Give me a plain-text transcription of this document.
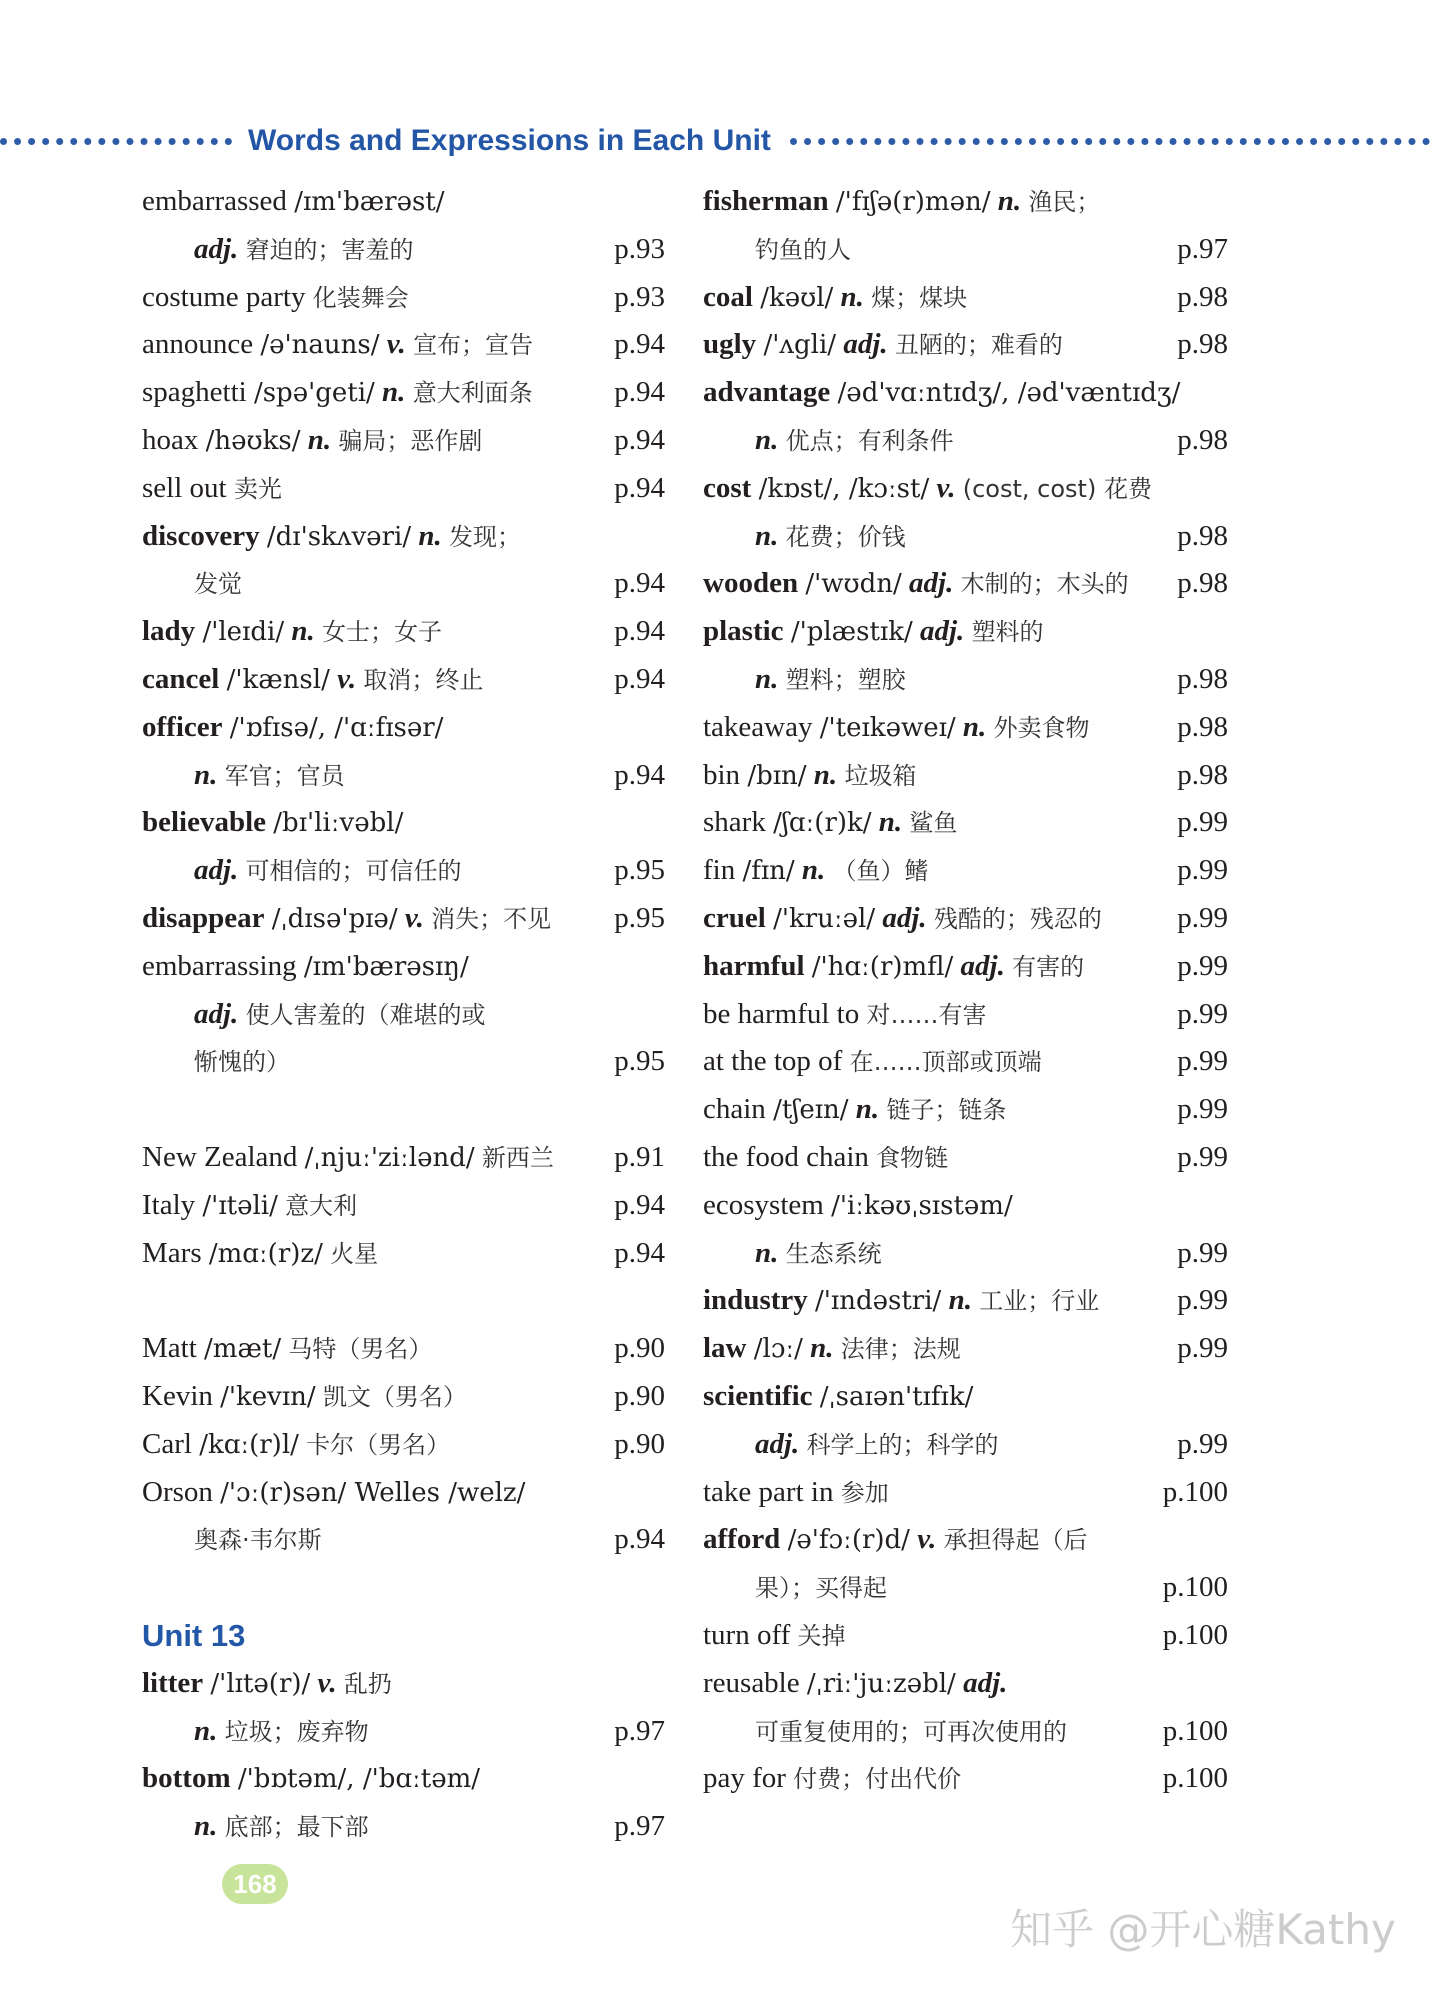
Words and Expressions in Each Unit
embarrassed /ɪm'bærəst/
adj. 窘迫的；害羞的	p.93
costume party 化装舞会	p.93
announce /ə'nauns/ v. 宣布；宣告	p.94
spaghetti /spə'geti/ n. 意大利面条	p.94
hoax /həʊks/ n. 骗局；恶作剧	p.94
sell out 卖光	p.94
discovery /dɪ'skʌvəri/ n. 发现；
发觉	p.94
lady /'leɪdi/ n. 女士；女子	p.94
cancel /'kænsl/ v. 取消；终止	p.94
officer /'ɒfɪsə/, /'ɑːfɪsər/
n. 军官；官员	p.94
believable /bɪ'liːvəbl/
adj. 可相信的；可信任的	p.95
disappear /ˌdɪsə'pɪə/ v. 消失；不见 p.95
embarrassing /ɪm'bærəsɪŋ/
adj. 使人害羞的（难堪的或
惭愧的）	p.95
New Zealand /ˌnjuː'ziːlənd/ 新西兰 p.91
Italy /'ɪtəli/ 意大利	p.94
Mars /mɑː(r)z/ 火星	p.94
Matt /mæt/ 马特（男名）	p.90
Kevin /'kevɪn/ 凯文（男名）	p.90
Carl /kɑː(r)l/ 卡尔（男名）	p.90
Orson /'ɔː(r)sən/ Welles /welz/
奥森·韦尔斯	p.94
Unit 13
litter /'lɪtə(r)/ v. 乱扔
n. 垃圾；废弃物	p.97
bottom /'bɒtəm/, /'bɑːtəm/
n. 底部；最下部	p.97
fisherman /'fɪʃə(r)mən/ n. 渔民；
钓鱼的人	p.97
coal /kəʊl/ n. 煤；煤块	p.98
ugly /'ʌgli/ adj. 丑陋的；难看的	p.98
advantage /əd'vɑːntɪdʒ/, /əd'væntɪdʒ/
n. 优点；有利条件	p.98
cost /kɒst/, /kɔːst/ v. (cost, cost) 花费
n. 花费；价钱	p.98
wooden /'wʊdn/ adj. 木制的；木头的 p.98
plastic /'plæstɪk/ adj. 塑料的
n. 塑料；塑胶	p.98
takeaway /'teɪkəweɪ/ n. 外卖食物	p.98
bin /bɪn/ n. 垃圾箱	p.98
shark /ʃɑː(r)k/ n. 鲨鱼	p.99
fin /fɪn/ n. （鱼）鳍	p.99
cruel /'kruːəl/ adj. 残酷的；残忍的	p.99
harmful /'hɑː(r)mfl/ adj. 有害的	p.99
be harmful to 对……有害	p.99
at the top of 在……顶部或顶端	p.99
chain /tʃeɪn/ n. 链子；链条	p.99
the food chain 食物链	p.99
ecosystem /'iːkəʊˌsɪstəm/
n. 生态系统	p.99
industry /'ɪndəstri/ n. 工业；行业	p.99
law /lɔː/ n. 法律；法规	p.99
scientific /ˌsaɪən'tɪfɪk/
adj. 科学上的；科学的	p.99
take part in 参加	p.100
afford /ə'fɔː(r)d/ v. 承担得起（后
果）；买得起	p.100
turn off 关掉	p.100
reusable /ˌriː'juːzəbl/ adj.
可重复使用的；可再次使用的	p.100
pay for 付费；付出代价	p.100
168
知乎 @开心糖Kathy
